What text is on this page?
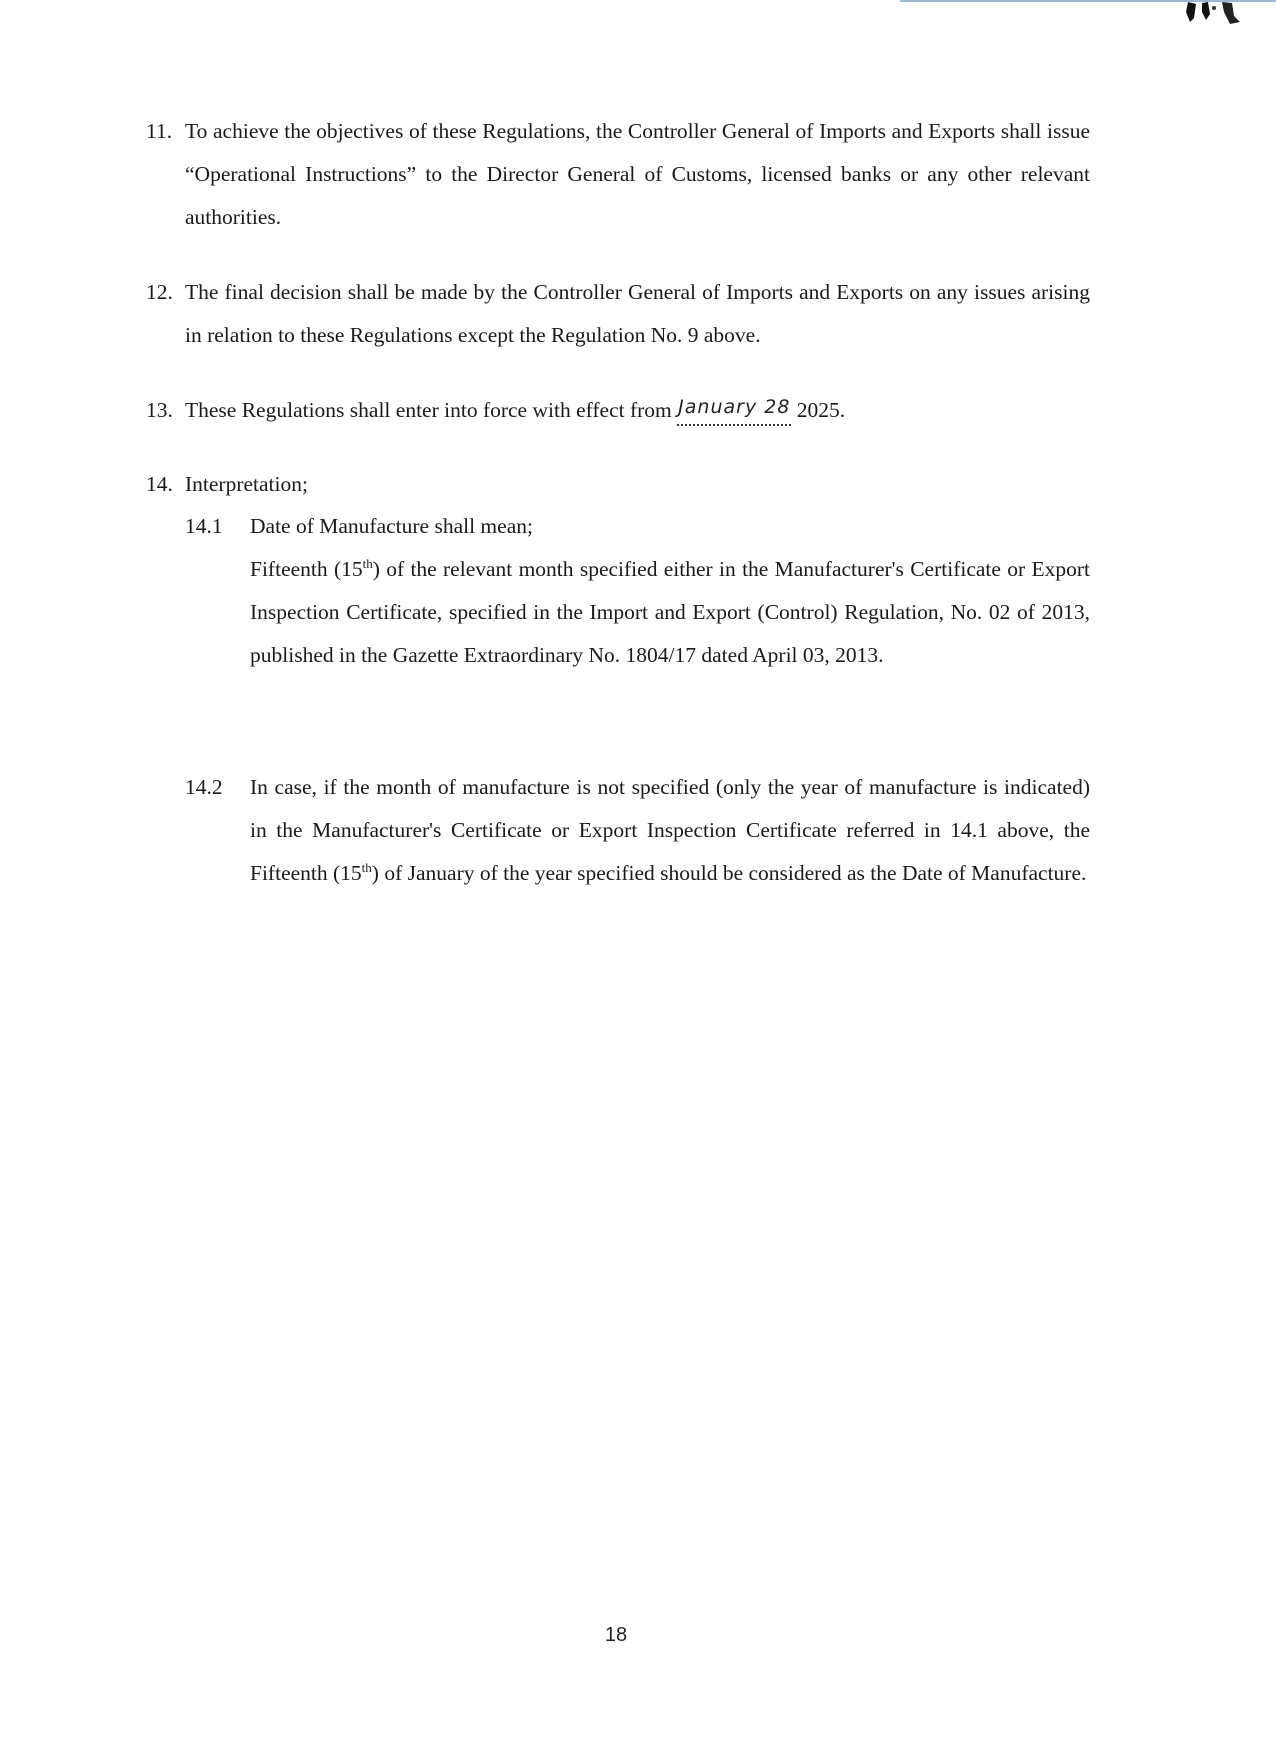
11. To achieve the objectives of these Regulations, the Controller General of Imports and Exports shall issue “Operational Instructions” to the Director General of Customs, licensed banks or any other relevant authorities.
12. The final decision shall be made by the Controller General of Imports and Exports on any issues arising in relation to these Regulations except the Regulation No. 9 above.
13. These Regulations shall enter into force with effect from January 28 2025.
14. Interpretation;
14.1 Date of Manufacture shall mean;
Fifteenth (15th) of the relevant month specified either in the Manufacturer's Certificate or Export Inspection Certificate, specified in the Import and Export (Control) Regulation, No. 02 of 2013, published in the Gazette Extraordinary No. 1804/17 dated April 03, 2013.
14.2 In case, if the month of manufacture is not specified (only the year of manufacture is indicated) in the Manufacturer's Certificate or Export Inspection Certificate referred in 14.1 above, the Fifteenth (15th) of January of the year specified should be considered as the Date of Manufacture.
18
